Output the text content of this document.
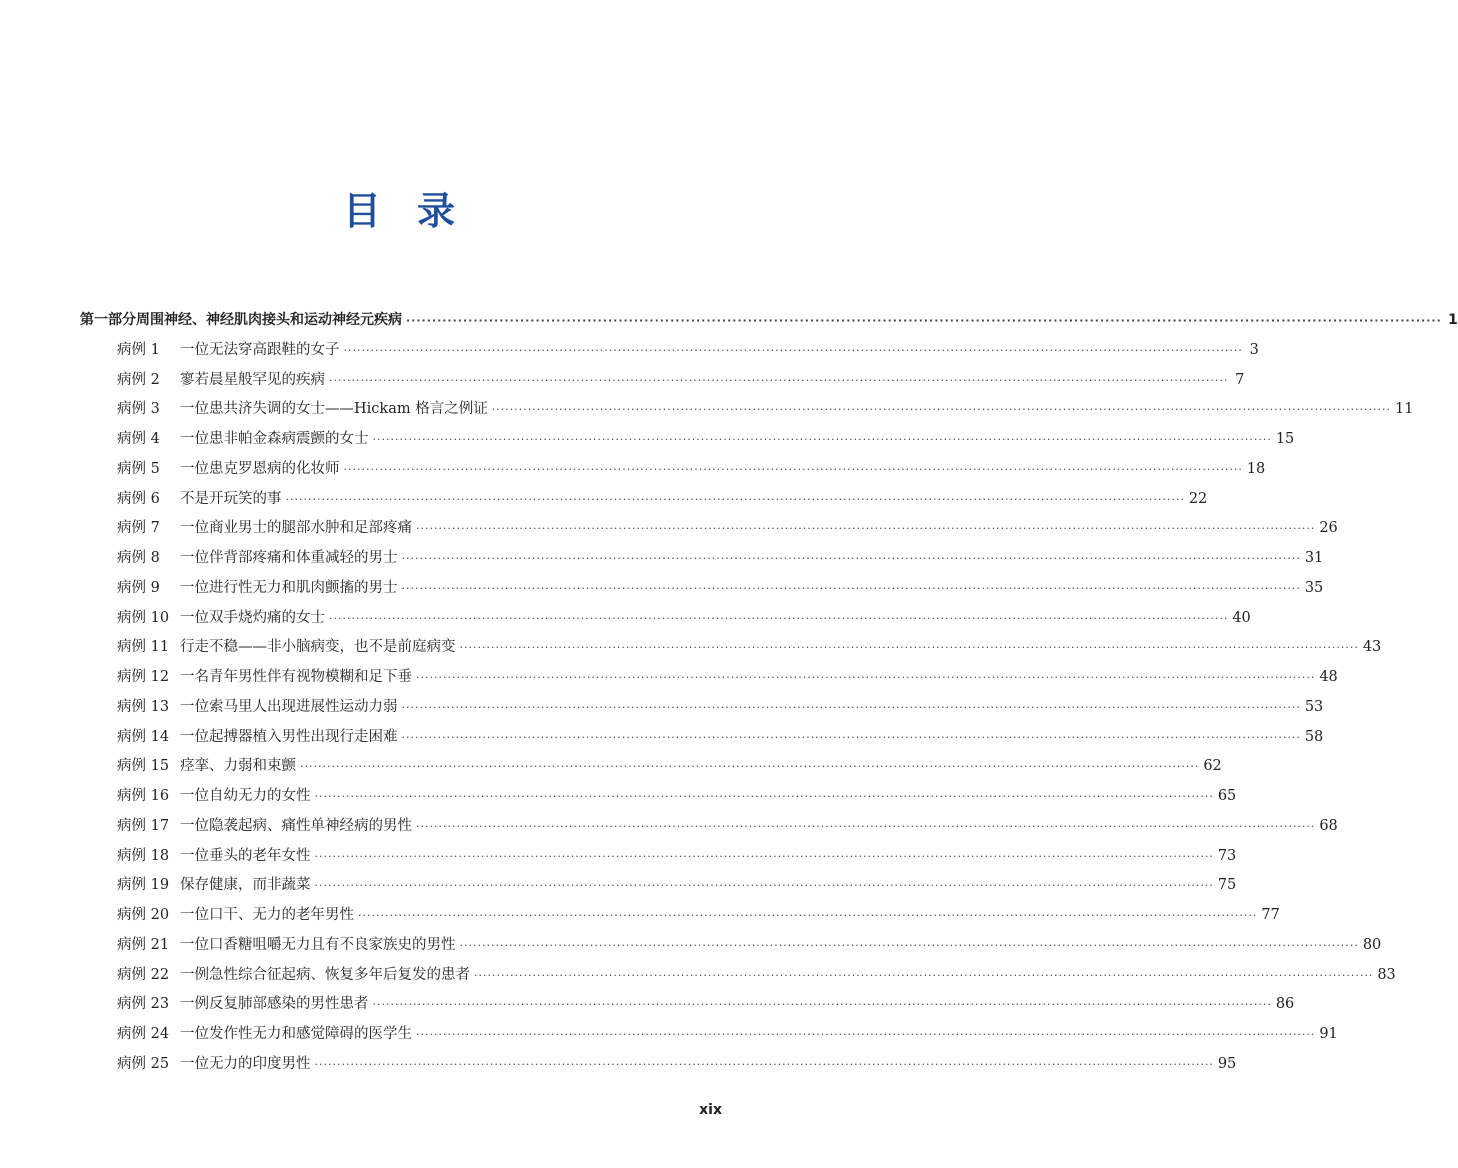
目 录
第一部分 周围神经、神经肌肉接头和运动神经元疾病 ········································································································································································································ 1
病例 1	一位无法穿高跟鞋的女子 ········································································································································································································ 3
病例 2	寥若晨星般罕见的疾病 ········································································································································································································ 7
病例 3	一位患共济失调的女士——Hickam 格言之例证 ········································································································································································································ 11
病例 4	一位患非帕金森病震颤的女士 ········································································································································································································ 15
病例 5	一位患克罗恩病的化妆师 ········································································································································································································ 18
病例 6	不是开玩笑的事 ········································································································································································································ 22
病例 7	一位商业男士的腿部水肿和足部疼痛 ········································································································································································································ 26
病例 8	一位伴背部疼痛和体重减轻的男士 ········································································································································································································ 31
病例 9	一位进行性无力和肌肉颤搐的男士 ········································································································································································································ 35
病例 10 一位双手烧灼痛的女士 ········································································································································································································ 40
病例 11 行走不稳——非小脑病变，也不是前庭病变 ········································································································································································································ 43
病例 12 一名青年男性伴有视物模糊和足下垂 ········································································································································································································ 48
病例 13 一位索马里人出现进展性运动力弱 ········································································································································································································ 53
病例 14 一位起搏器植入男性出现行走困难 ········································································································································································································ 58
病例 15 痉挛、力弱和束颤 ········································································································································································································ 62
病例 16 一位自幼无力的女性 ········································································································································································································ 65
病例 17 一位隐袭起病、痛性单神经病的男性 ········································································································································································································ 68
病例 18 一位垂头的老年女性 ········································································································································································································ 73
病例 19 保存健康，而非蔬菜 ········································································································································································································ 75
病例 20 一位口干、无力的老年男性 ········································································································································································································ 77
病例 21 一位口香糖咀嚼无力且有不良家族史的男性 ········································································································································································································ 80
病例 22 一例急性综合征起病、恢复多年后复发的患者 ········································································································································································································ 83
病例 23 一例反复肺部感染的男性患者 ········································································································································································································ 86
病例 24 一位发作性无力和感觉障碍的医学生 ········································································································································································································ 91
病例 25 一位无力的印度男性 ········································································································································································································ 95
xix
